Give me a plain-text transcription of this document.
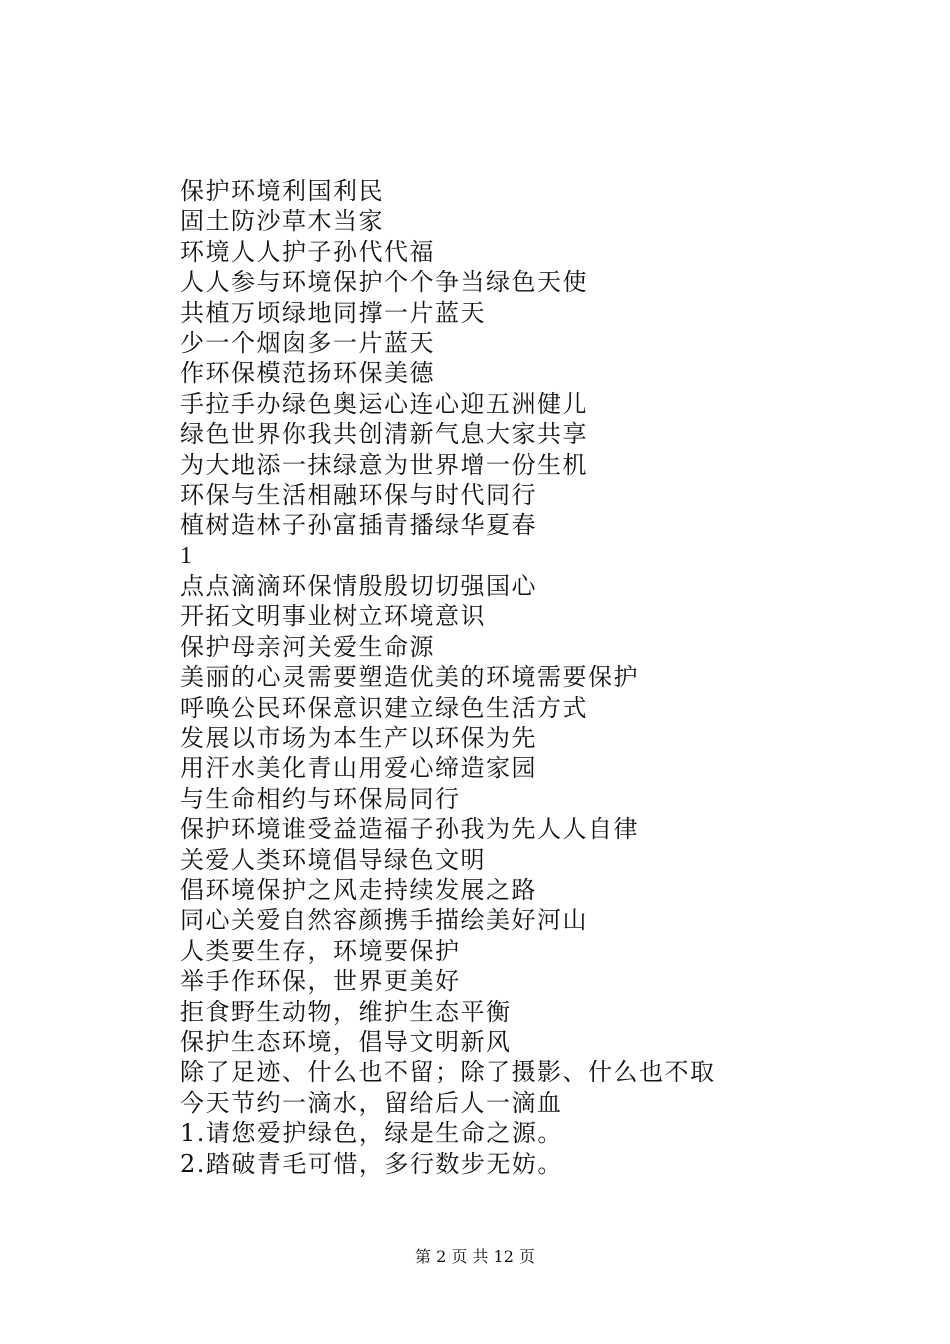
保护环境利国利民
固土防沙草木当家
环境人人护子孙代代福
人人参与环境保护个个争当绿色天使
共植万顷绿地同撑一片蓝天
少一个烟囱多一片蓝天
作环保模范扬环保美德
手拉手办绿色奥运心连心迎五洲健儿
绿色世界你我共创清新气息大家共享
为大地添一抹绿意为世界增一份生机
环保与生活相融环保与时代同行
植树造林子孙富插青播绿华夏春
1
点点滴滴环保情殷殷切切强国心
开拓文明事业树立环境意识
保护母亲河关爱生命源
美丽的心灵需要塑造优美的环境需要保护
呼唤公民环保意识建立绿色生活方式
发展以市场为本生产以环保为先
用汗水美化青山用爱心缔造家园
与生命相约与环保局同行
保护环境谁受益造福子孙我为先人人自律
关爱人类环境倡导绿色文明
倡环境保护之风走持续发展之路
同心关爱自然容颜携手描绘美好河山
人类要生存，环境要保护
举手作环保，世界更美好
拒食野生动物，维护生态平衡
保护生态环境，倡导文明新风
除了足迹、什么也不留；除了摄影、什么也不取
今天节约一滴水，留给后人一滴血
1.请您爱护绿色，绿是生命之源。
2.踏破青毛可惜，多行数步无妨。
第 2 页 共 12 页
